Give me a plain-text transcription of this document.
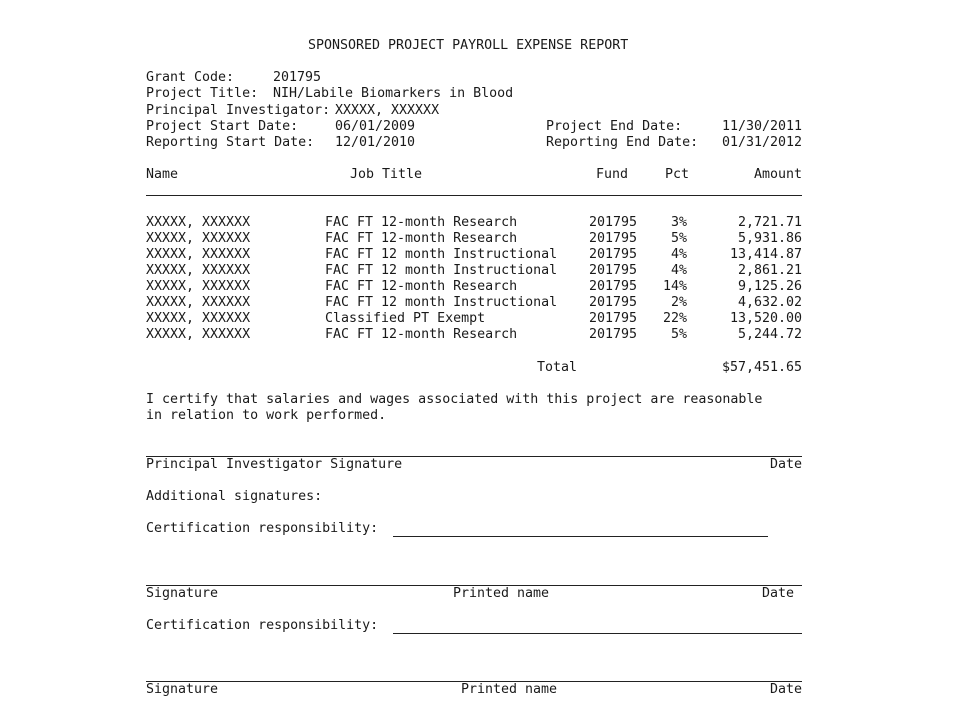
SPONSORED PROJECT PAYROLL EXPENSE REPORT
Grant Code:	201795
Project Title: NIH/Labile Biomarkers in Blood
Principal Investigator: XXXXX, XXXXXX
Project Start Date:	06/01/2009	Project End Date:	11/30/2011
Reporting Start Date: 12/01/2010	Reporting End Date:	01/31/2012
Name	Job Title	Fund	Pct	Amount
XXXXX, XXXXXX	FAC FT 12-month Research	201795	3%	2,721.71
XXXXX, XXXXXX	FAC FT 12-month Research	201795	5%	5,931.86
XXXXX, XXXXXX	FAC FT 12 month Instructional 201795	4%	13,414.87
XXXXX, XXXXXX	FAC FT 12 month Instructional 201795	4%	2,861.21
XXXXX, XXXXXX	FAC FT 12-month Research	201795	14%	9,125.26
XXXXX, XXXXXX	FAC FT 12 month Instructional 201795	2%	4,632.02
XXXXX, XXXXXX	Classified PT Exempt	201795	22%	13,520.00
XXXXX, XXXXXX	FAC FT 12-month Research	201795	5%	5,244.72
Total	$57,451.65
I certify that salaries and wages associated with this project are reasonable
in relation to work performed.
Principal Investigator Signature	Date
Additional signatures:
Certification responsibility:
Signature	Printed name	Date
Certification responsibility:
Signature	Printed name	Date
